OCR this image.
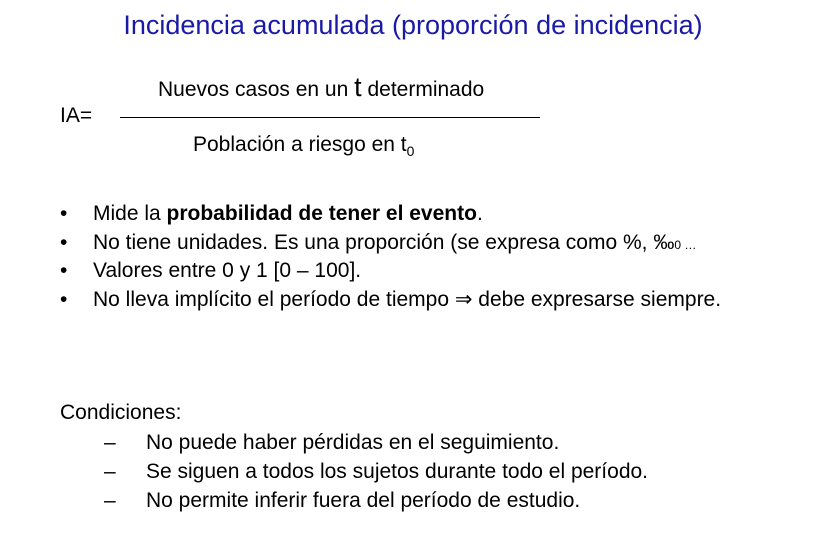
Incidencia acumulada (proporción de incidencia)
IA=
Nuevos casos en un t determinado
Población a riesgo en $t_0$
• Mide la probabilidad de tener el evento.
• No tiene unidades. Es una proporción (se expresa como %, ‰0 …
• Valores entre 0 y 1 [0 – 100].
• No lleva implícito el período de tiempo ⇒ debe expresarse siempre.
Condiciones:
– No puede haber pérdidas en el seguimiento.
– Se siguen a todos los sujetos durante todo el período.
– No permite inferir fuera del período de estudio.
